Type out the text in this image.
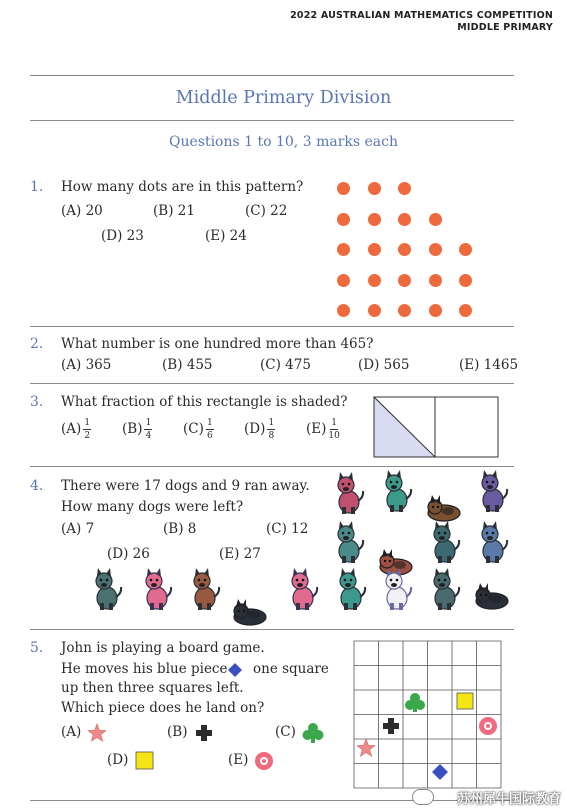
2022 AUSTRALIAN MATHEMATICS COMPETITION
MIDDLE PRIMARY
Middle Primary Division
Questions 1 to 10, 3 marks each
1. How many dots are in this pattern?
(A) 20	(B) 21	(C) 22
(D) 23	(E) 24
2. What number is one hundred more than 465?
(A) 365	(B) 455	(C) 475	(D) 565	(E) 1465
3. What fraction of this rectangle is shaded?
$(A) \frac{1}{2} (B) \frac{1}{4} (C) \frac{1}{6} (D) \frac{1}{8} (E) \frac{1}{10}$
4. There were 17 dogs and 9 ran away.
How many dogs were left?
(A) 7	(B) 8	(C) 12
(D) 26	(E) 27
5. John is playing a board game.
He moves his blue piece one square
up then three squares left.
Which piece does he land on?
(A)	(B)	(C)
(D)	(E)
苏州犀牛国际教育
